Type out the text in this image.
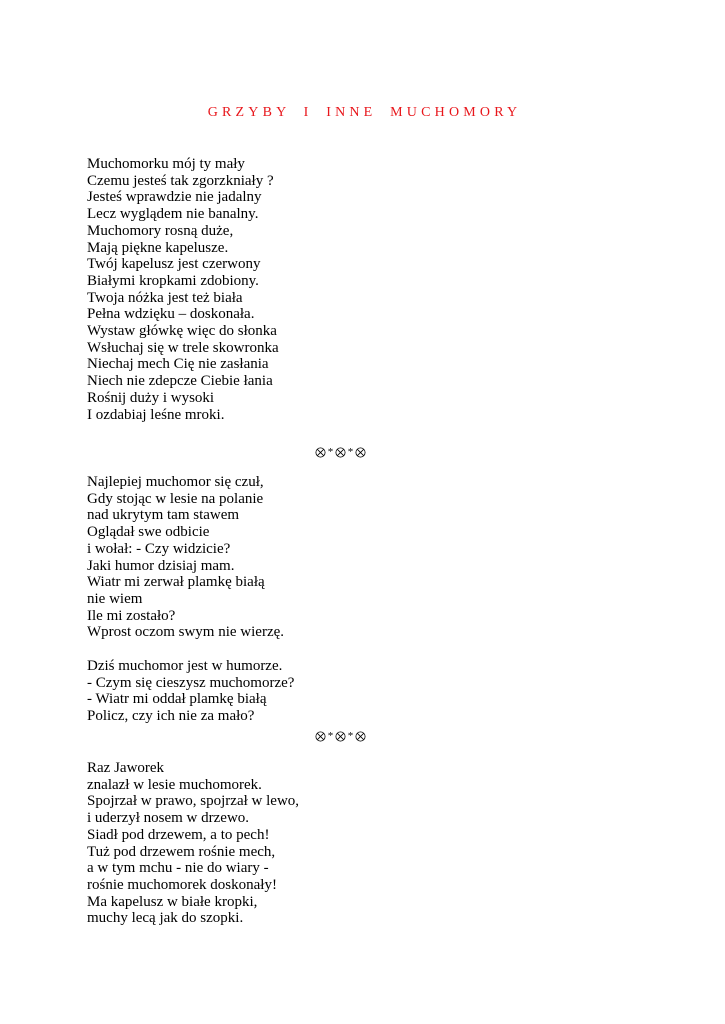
GRZYBY I INNE MUCHOMORY
Muchomorku mój ty mały
Czemu jesteś tak zgorzkniały ?
Jesteś wprawdzie nie jadalny
Lecz wyglądem nie banalny.
Muchomory rosną duże,
Mają piękne kapelusze.
Twój kapelusz jest czerwony
Białymi kropkami zdobiony.
Twoja nóżka jest też biała
Pełna wdzięku – doskonała.
Wystaw główkę więc do słonka
Wsłuchaj się w trele skowronka
Niechaj mech Cię nie zasłania
Niech nie zdepcze Ciebie łania
Rośnij duży i wysoki
I ozdabiaj leśne mroki.
* *
Najlepiej muchomor się czuł,
Gdy stojąc w lesie na polanie
nad ukrytym tam stawem
Oglądał swe odbicie
i wołał: - Czy widzicie?
Jaki humor dzisiaj mam.
Wiatr mi zerwał plamkę białą
nie wiem
Ile mi zostało?
Wprost oczom swym nie wierzę.
Dziś muchomor jest w humorze.
- Czym się cieszysz muchomorze?
- Wiatr mi oddał plamkę białą
Policz, czy ich nie za mało?
* *
Raz Jaworek
znalazł w lesie muchomorek.
Spojrzał w prawo, spojrzał w lewo,
i uderzył nosem w drzewo.
Siadł pod drzewem, a to pech!
Tuż pod drzewem rośnie mech,
a w tym mchu - nie do wiary -
rośnie muchomorek doskonały!
Ma kapelusz w białe kropki,
muchy lecą jak do szopki.
